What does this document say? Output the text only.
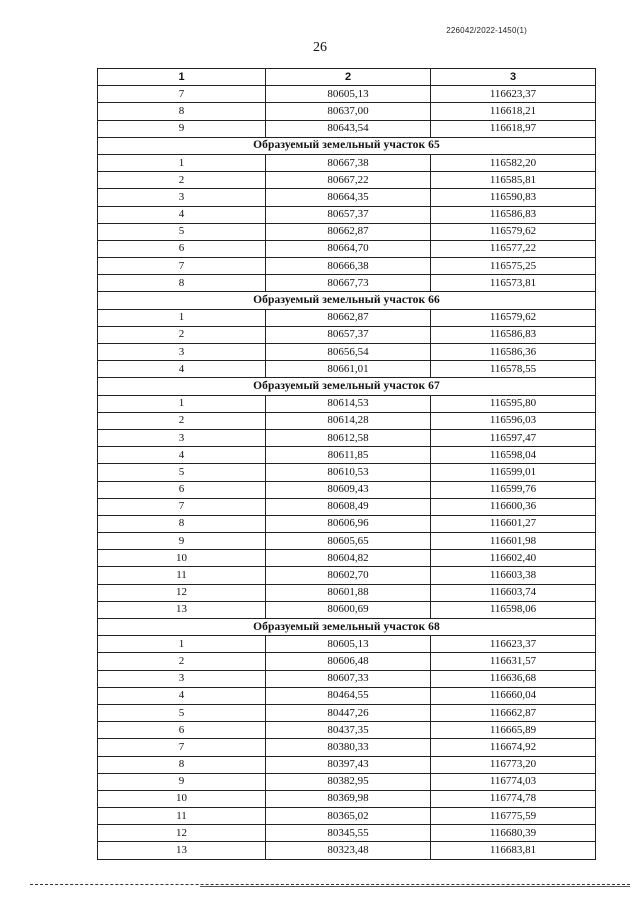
226042/2022-1450(1)
26
1	2	3
7	80605,13	116623,37
8	80637,00	116618,21
9	80643,54	116618,97
Образуемый земельный участок 65		
1	80667,38	116582,20
2	80667,22	116585,81
3	80664,35	116590,83
4	80657,37	116586,83
5	80662,87	116579,62
6	80664,70	116577,22
7	80666,38	116575,25
8	80667,73	116573,81
Образуемый земельный участок 66		
1	80662,87	116579,62
2	80657,37	116586,83
3	80656,54	116586,36
4	80661,01	116578,55
Образуемый земельный участок 67		
1	80614,53	116595,80
2	80614,28	116596,03
3	80612,58	116597,47
4	80611,85	116598,04
5	80610,53	116599,01
6	80609,43	116599,76
7	80608,49	116600,36
8	80606,96	116601,27
9	80605,65	116601,98
10	80604,82	116602,40
11	80602,70	116603,38
12	80601,88	116603,74
13	80600,69	116598,06
Образуемый земельный участок 68		
1	80605,13	116623,37
2	80606,48	116631,57
3	80607,33	116636,68
4	80464,55	116660,04
5	80447,26	116662,87
6	80437,35	116665,89
7	80380,33	116674,92
8	80397,43	116773,20
9	80382,95	116774,03
10	80369,98	116774,78
11	80365,02	116775,59
12	80345,55	116680,39
13	80323,48	116683,81
